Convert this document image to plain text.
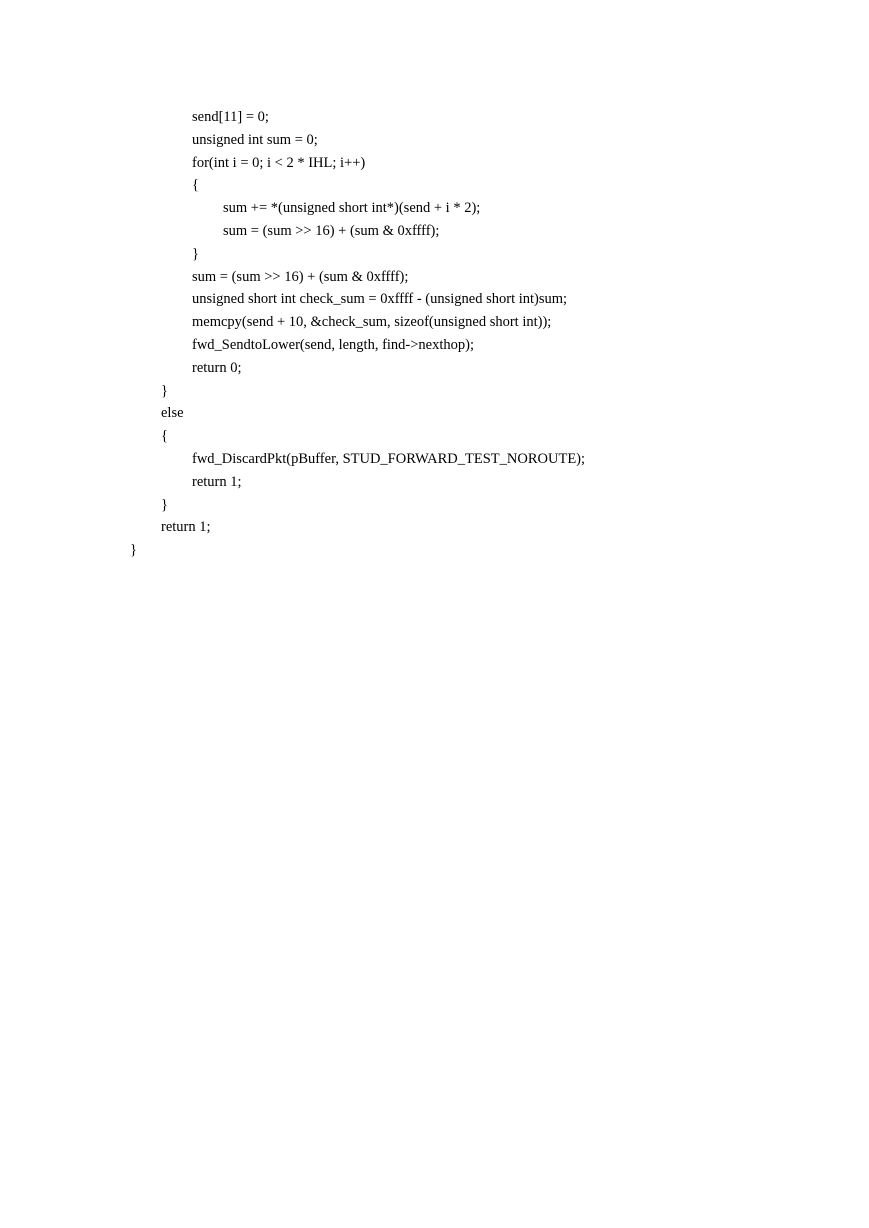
send[11] = 0;
unsigned int sum = 0;
for(int i = 0; i < 2 * IHL; i++)
{
sum += *(unsigned short int*)(send + i * 2);
sum = (sum >> 16) + (sum & 0xffff);
}
sum = (sum >> 16) + (sum & 0xffff);
unsigned short int check_sum = 0xffff - (unsigned short int)sum;
memcpy(send + 10, &check_sum, sizeof(unsigned short int));
fwd_SendtoLower(send, length, find->nexthop);
return 0;
}
else
{
fwd_DiscardPkt(pBuffer, STUD_FORWARD_TEST_NOROUTE);
return 1;
}
return 1;
}
